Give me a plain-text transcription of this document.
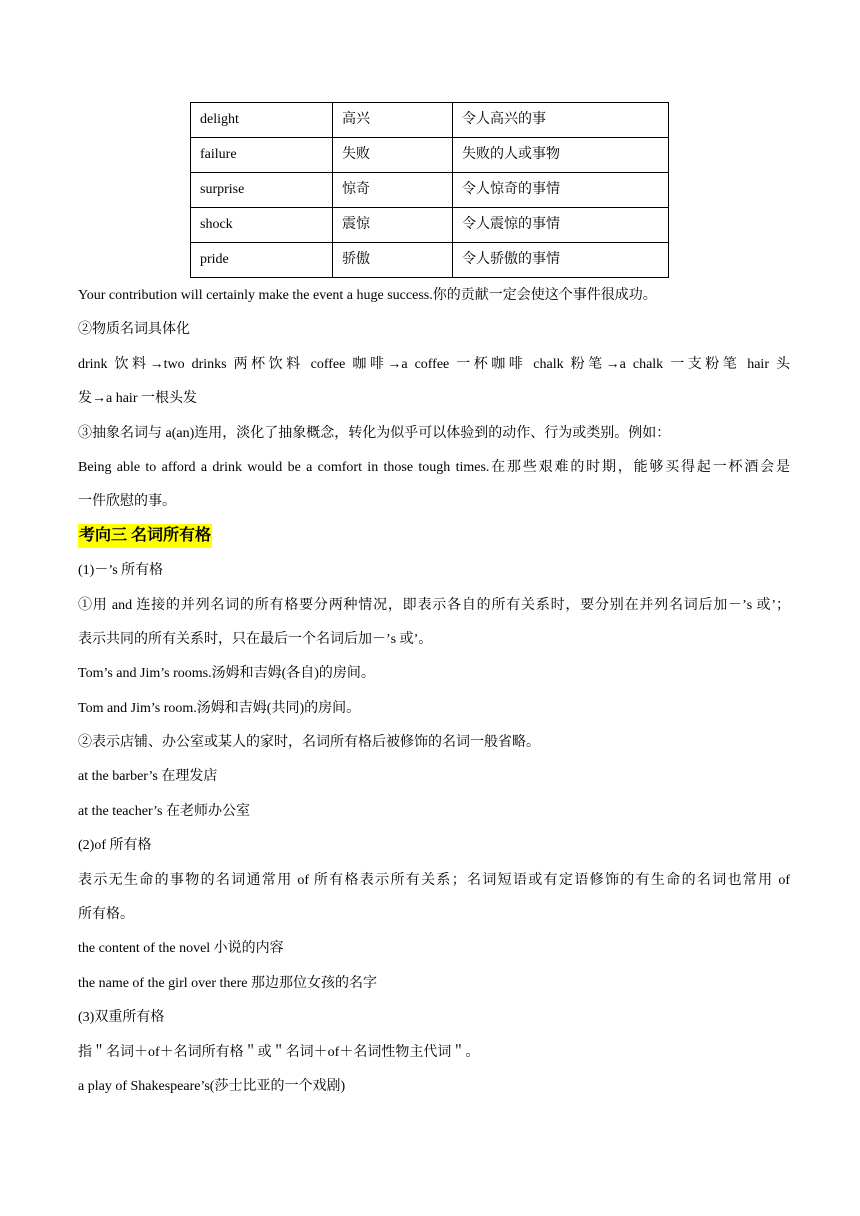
delight	高兴	令人高兴的事
failure	失败	失败的人或事物
surprise	惊奇	令人惊奇的事情
shock	震惊	令人震惊的事情
pride	骄傲	令人骄傲的事情
Your contribution will certainly make the event a huge success.你的贡献一定会使这个事件很成功。
②物质名词具体化
drink 饮料→two drinks 两杯饮料 coffee 咖啡→a coffee 一杯咖啡 chalk 粉笔→a chalk 一支粉笔 hair 头
发→a hair 一根头发
③抽象名词与 a(an)连用，淡化了抽象概念，转化为似乎可以体验到的动作、行为或类别。例如：
Being able to afford a drink would be a comfort in those tough times.在那些艰难的时期，能够买得起一杯酒会是
一件欣慰的事。
考向三 名词所有格
(1)－’s 所有格
①用 and 连接的并列名词的所有格要分两种情况，即表示各自的所有关系时，要分别在并列名词后加－’s 或’；
表示共同的所有关系时，只在最后一个名词后加－’s 或’。
Tom’s and Jim’s rooms.汤姆和吉姆(各自)的房间。
Tom and Jim’s room.汤姆和吉姆(共同)的房间。
②表示店铺、办公室或某人的家时，名词所有格后被修饰的名词一般省略。
at the barber’s 在理发店
at the teacher’s 在老师办公室
(2)of 所有格
表示无生命的事物的名词通常用 of 所有格表示所有关系；名词短语或有定语修饰的有生命的名词也常用 of
所有格。
the content of the novel 小说的内容
the name of the girl over there 那边那位女孩的名字
(3)双重所有格
指＂名词＋of＋名词所有格＂或＂名词＋of＋名词性物主代词＂。
a play of Shakespeare’s(莎士比亚的一个戏剧)
